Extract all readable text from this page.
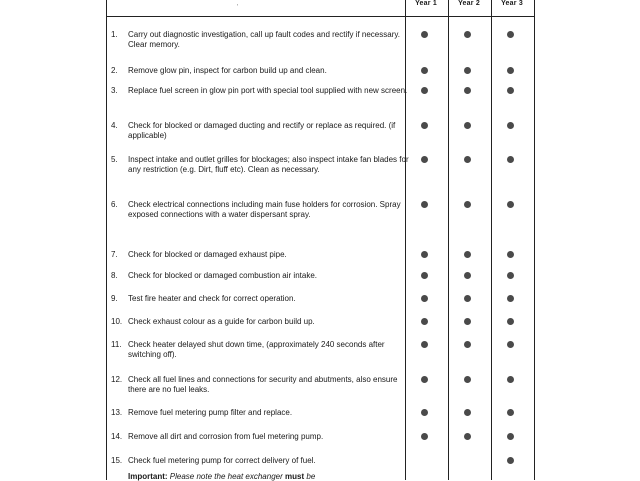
Year 1	Year 2	Year 3
'
1. Carry out diagnostic investigation, call up fault codes and rectify if necessary. Clear memory.
2. Remove glow pin, inspect for carbon build up and clean.
3. Replace fuel screen in glow pin port with special tool supplied with new screen.
4. Check for blocked or damaged ducting and rectify or replace as required. (if applicable)
5. Inspect intake and outlet grilles for blockages; also inspect intake fan blades for any restriction (e.g. Dirt, fluff etc). Clean as necessary.
6. Check electrical connections including main fuse holders for corrosion. Spray exposed connections with a water dispersant spray.
7. Check for blocked or damaged exhaust pipe.
8. Check for blocked or damaged combustion air intake.
9. Test fire heater and check for correct operation.
10. Check exhaust colour as a guide for carbon build up.
11. Check heater delayed shut down time, (approximately 240 seconds after switching off).
12. Check all fuel lines and connections for security and abutments, also ensure there are no fuel leaks.
13. Remove fuel metering pump filter and replace.
14. Remove all dirt and corrosion from fuel metering pump.
15. Check fuel metering pump for correct delivery of fuel.
Important: Please note the heat exchanger must be
